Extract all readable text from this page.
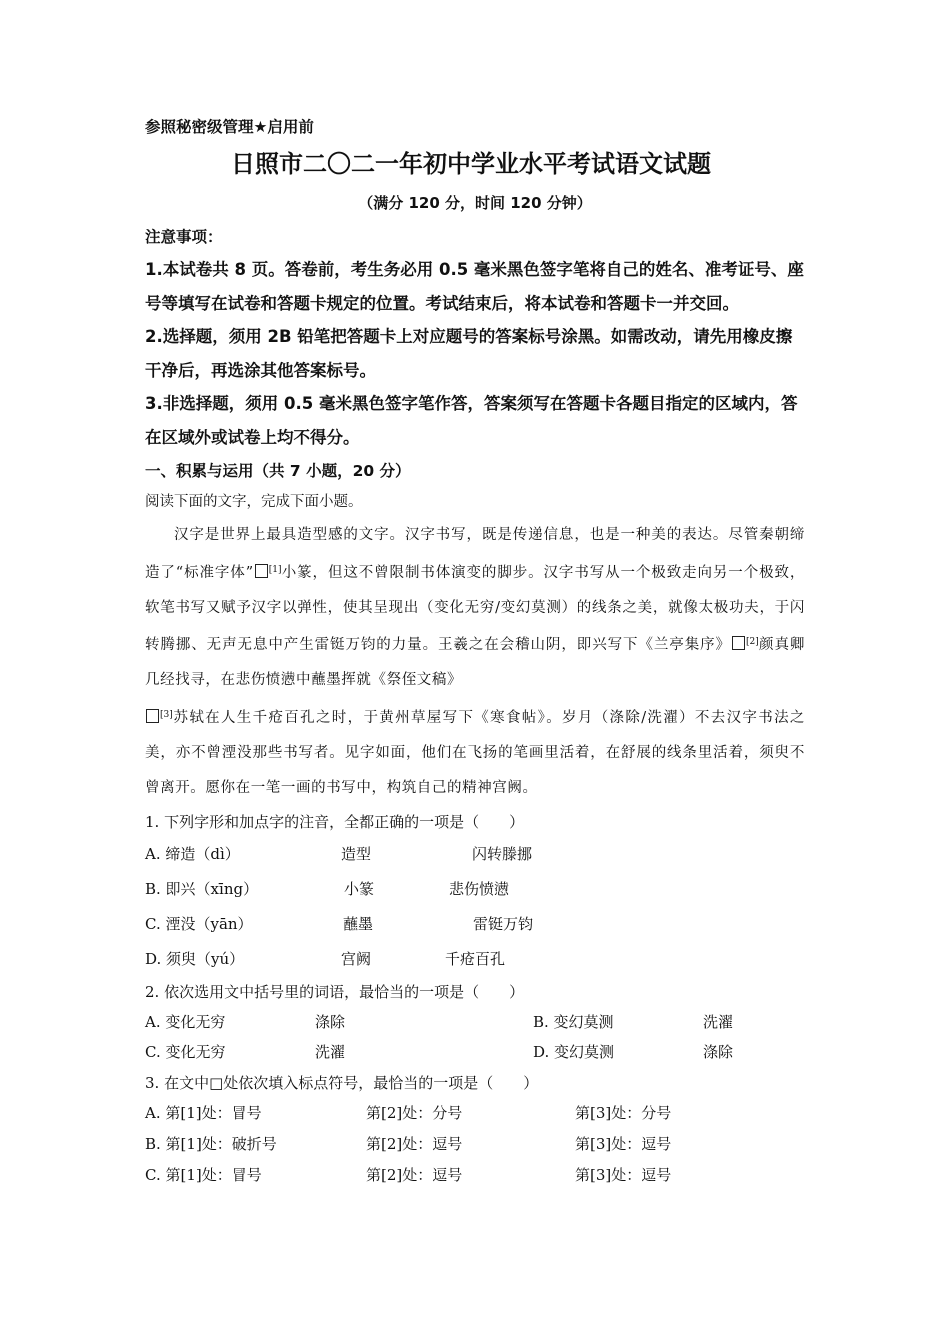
参照秘密级管理★启用前
日照市二〇二一年初中学业水平考试语文试题
（满分 120 分，时间 120 分钟）
注意事项：
1.本试卷共 8 页。答卷前，考生务必用 0.5 毫米黑色签字笔将自己的姓名、准考证号、座号等填写在试卷和答题卡规定的位置。考试结束后，将本试卷和答题卡一并交回。
2.选择题，须用 2B 铅笔把答题卡上对应题号的答案标号涂黑。如需改动，请先用橡皮擦干净后，再选涂其他答案标号。
3.非选择题，须用 0.5 毫米黑色签字笔作答，答案须写在答题卡各题目指定的区域内，答在区域外或试卷上均不得分。
一、积累与运用（共 7 小题，20 分）
阅读下面的文字，完成下面小题。

汉字是世界上最具造型感的文字。汉字书写，既是传递信息，也是一种美的表达。尽管秦朝缔造了“标准字体” [1]小篆，但这不曾限制书体演变的脚步。汉字书写从一个极致走向另一个极致，软笔书写又赋予汉字以弹性，使其呈现出（变化无穷/变幻莫测）的线条之美，就像太极功夫，于闪转腾挪、无声无息中产生雷铤万钧的力量。王羲之在会稽山阴，即兴写下《兰亭集序》 [2]颜真卿几经找寻，在悲伤愤懑中蘸墨挥就《祭侄文稿》
[3]苏轼在人生千疮百孔之时，于黄州草屋写下《寒食帖》。岁月（涤除/洗濯）不去汉字书法之美，亦不曾湮没那些书写者。见字如面，他们在飞扬的笔画里活着，在舒展的线条里活着，须臾不曾离开。愿你在一笔一画的书写中，构筑自己的精神宫阙。

1. 下列字形和加点字的注音，全都正确的一项是（　　）
A. 缔造（dì）	造型	闪转滕挪
B. 即兴（xīng）	小篆	悲伤愤懑
C. 湮没（yān）	蘸墨	雷铤万钧
D. 须臾（yú）	宫阙	千疮百孔
2. 依次选用文中括号里的词语，最恰当的一项是（　　）
A. 变化无穷	涤除	B. 变幻莫测	洗濯
C. 变化无穷	洗濯	D. 变幻莫测	涤除
3. 在文中□处依次填入标点符号，最恰当的一项是（　　）
A. 第[1]处：冒号	第[2]处：分号	第[3]处：分号
B. 第[1]处：破折号	第[2]处：逗号	第[3]处：逗号
C. 第[1]处：冒号	第[2]处：逗号	第[3]处：逗号
